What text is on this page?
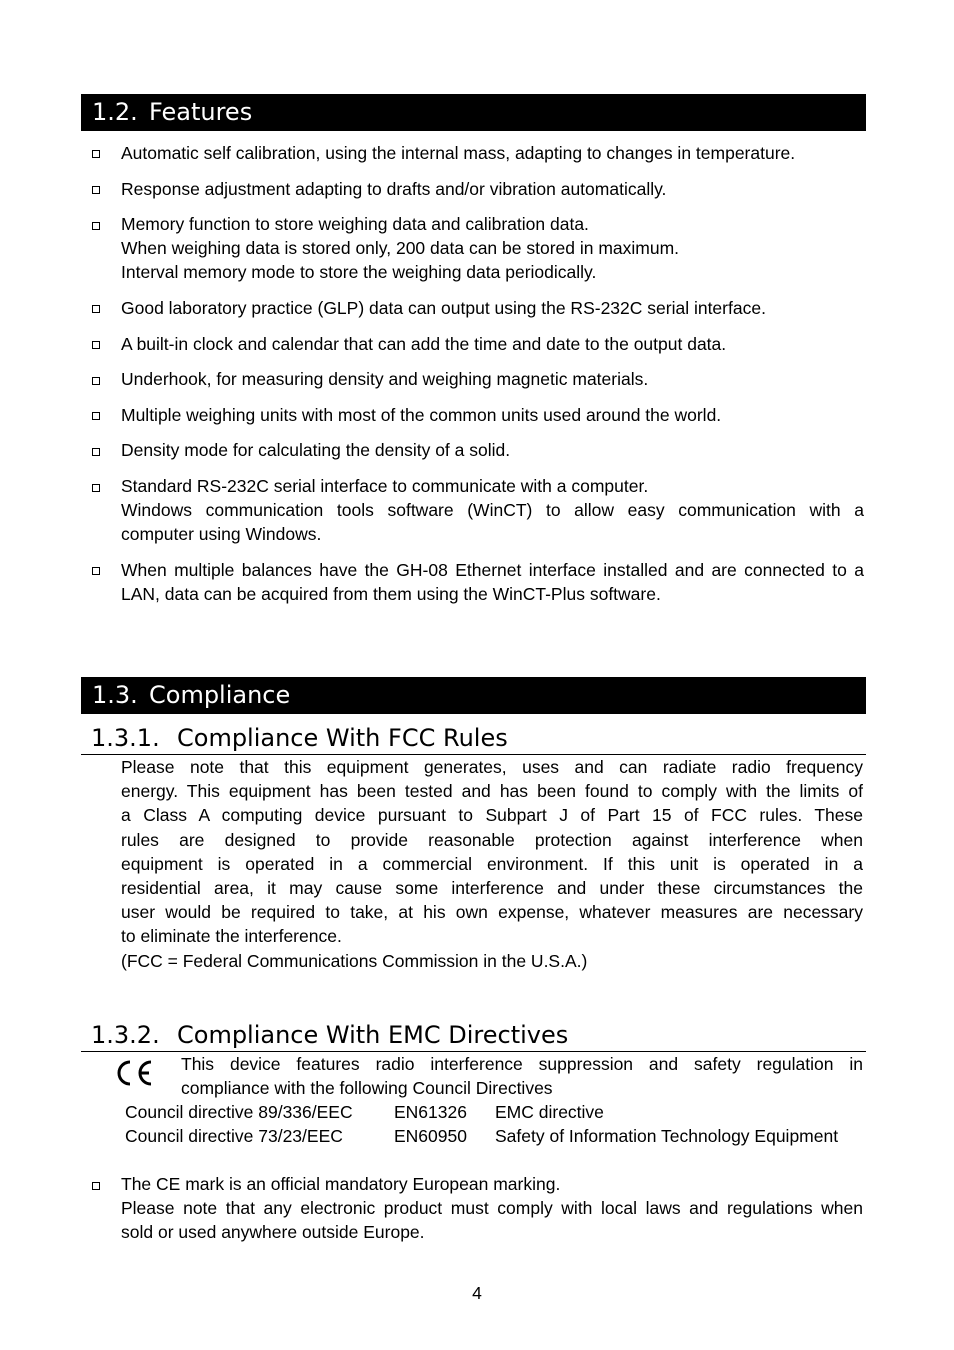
1.2. Features
Automatic self calibration, using the internal mass, adapting to changes in temperature.
Response adjustment adapting to drafts and/or vibration automatically.
Memory function to store weighing data and calibration data.
When weighing data is stored only, 200 data can be stored in maximum.
Interval memory mode to store the weighing data periodically.
Good laboratory practice (GLP) data can output using the RS-232C serial interface.
A built-in clock and calendar that can add the time and date to the output data.
Underhook, for measuring density and weighing magnetic materials.
Multiple weighing units with most of the common units used around the world.
Density mode for calculating the density of a solid.
Standard RS-232C serial interface to communicate with a computer.
Windows communication tools software (WinCT) to allow easy communication with a
computer using Windows.
When multiple balances have the GH-08 Ethernet interface installed and are connected to a
LAN, data can be acquired from them using the WinCT-Plus software.
1.3. Compliance
1.3.1. Compliance With FCC Rules
Please note that this equipment generates, uses and can radiate radio frequency
energy. This equipment has been tested and has been found to comply with the limits of
a Class A computing device pursuant to Subpart J of Part 15 of FCC rules. These
rules are designed to provide reasonable protection against interference when
equipment is operated in a commercial environment. If this unit is operated in a
residential area, it may cause some interference and under these circumstances the
user would be required to take, at his own expense, whatever measures are necessary
to eliminate the interference.
(FCC = Federal Communications Commission in the U.S.A.)
1.3.2. Compliance With EMC Directives
This device features radio interference suppression and safety regulation in
compliance with the following Council Directives
Council directive 89/336/EEC EN61326 EMC directive
Council directive 73/23/EEC	EN60950 Safety of Information Technology Equipment
The CE mark is an official mandatory European marking.
Please note that any electronic product must comply with local laws and regulations when
sold or used anywhere outside Europe.
4
